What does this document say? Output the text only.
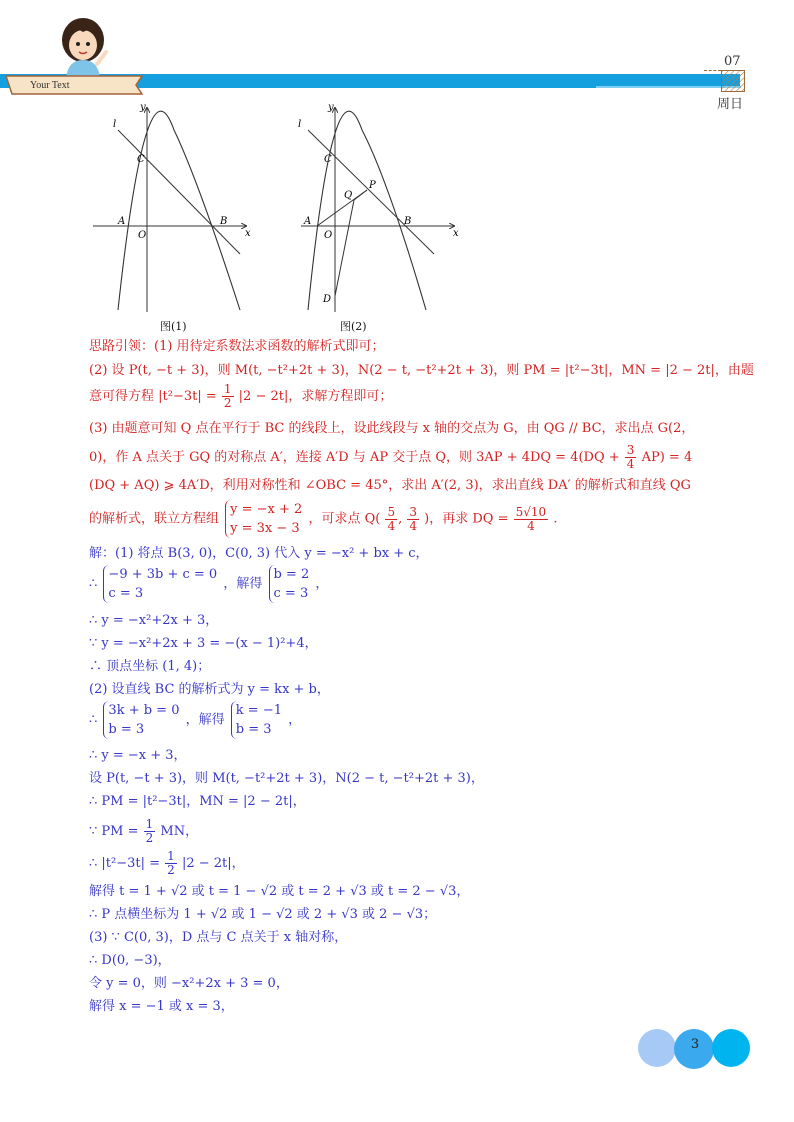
Your Text
07
周日
y
x
l
C
A
O
B
图(1)
y
x
l
C
A
O
B
P
Q
D
图(2)
思路引领：(1) 用待定系数法求函数的解析式即可；
(2) 设 P(t, −t + 3)，则 M(t, −t²+2t + 3)，N(2 − t, −t²+2t + 3)，则 PM = |t²−3t|，MN = |2 − 2t|，由题
意可得方程 $|t^2-3t| = \frac{1}{2} |2 - 2t|$，求解方程即可；
(3) 由题意可知 Q 点在平行于 BC 的线段上，设此线段与 x 轴的交点为 G，由 QG // BC，求出点 G(2，
0)，作 A 点关于 GQ 的对称点 A′，连接 A′D 与 AP 交于点 Q，则 $3AP + 4DQ = 4(DQ + \frac{3}{4} AP) = 4$
(DQ + AQ) ⩾ 4A′D，利用对称性和 ∠OBC = 45°，求出 A′(2, 3)，求出直线 DA′ 的解析式和直线 QG
的解析式，联立方程组
y = −x + 2
y = 3x − 3
，可求点 $Q( \frac{5}{4}$ , $\frac{3}{4}$ )，再求 DQ = $\frac{5√10}{4}$ .
解：(1) 将点 B(3, 0)，C(0, 3) 代入 y = −x² + bx + c，
∴
−9 + 3b + c = 0
c = 3
，解得
b = 2
c = 3
，
∴ y = −x²+2x + 3，
∵ y = −x²+2x + 3 = −(x − 1)²+4，
∴ 顶点坐标 (1, 4)；
(2) 设直线 BC 的解析式为 y = kx + b，
∴
3k + b = 0
b = 3
，解得
k = −1
b = 3
，
∴ y = −x + 3，
设 P(t, −t + 3)，则 M(t, −t²+2t + 3)，N(2 − t, −t²+2t + 3)，
∴ PM = |t²−3t|，MN = |2 − 2t|，
∵ PM = $\frac{1}{2}$ MN，
∴ $|t^2-3t| = \frac{1}{2} |2 - 2t|$，
解得 t = 1 + √2 或 t = 1 − √2 或 t = 2 + √3 或 t = 2 − √3，
∴ P 点横坐标为 1 + √2 或 1 − √2 或 2 + √3 或 2 − √3；
(3) ∵ C(0, 3)，D 点与 C 点关于 x 轴对称，
∴ D(0, −3)，
令 y = 0，则 −x²+2x + 3 = 0，
解得 x = −1 或 x = 3，
3
